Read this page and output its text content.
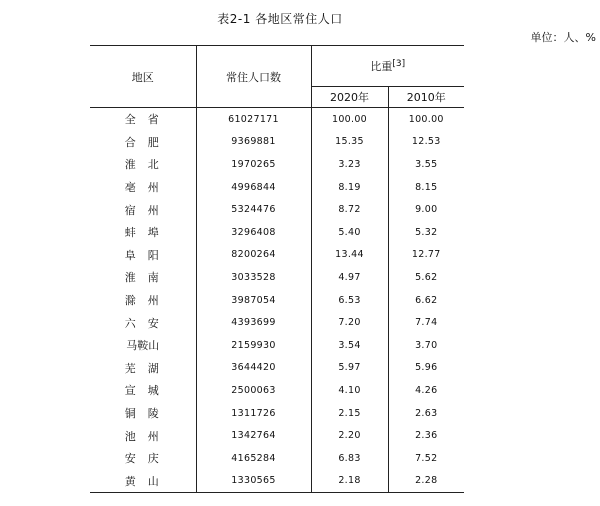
表2-1 各地区常住人口
单位：人、%
地区	常住人口数	比重[3]
		2020年	2010年
全省	61027171	100.00	100.00
合肥	9369881	15.35	12.53
淮北	1970265	3.23	3.55
亳州	4996844	8.19	8.15
宿州	5324476	8.72	9.00
蚌埠	3296408	5.40	5.32
阜阳	8200264	13.44	12.77
淮南	3033528	4.97	5.62
滁州	3987054	6.53	6.62
六安	4393699	7.20	7.74
马鞍山	2159930	3.54	3.70
芜湖	3644420	5.97	5.96
宣城	2500063	4.10	4.26
铜陵	1311726	2.15	2.63
池州	1342764	2.20	2.36
安庆	4165284	6.83	7.52
黄山	1330565	2.18	2.28
